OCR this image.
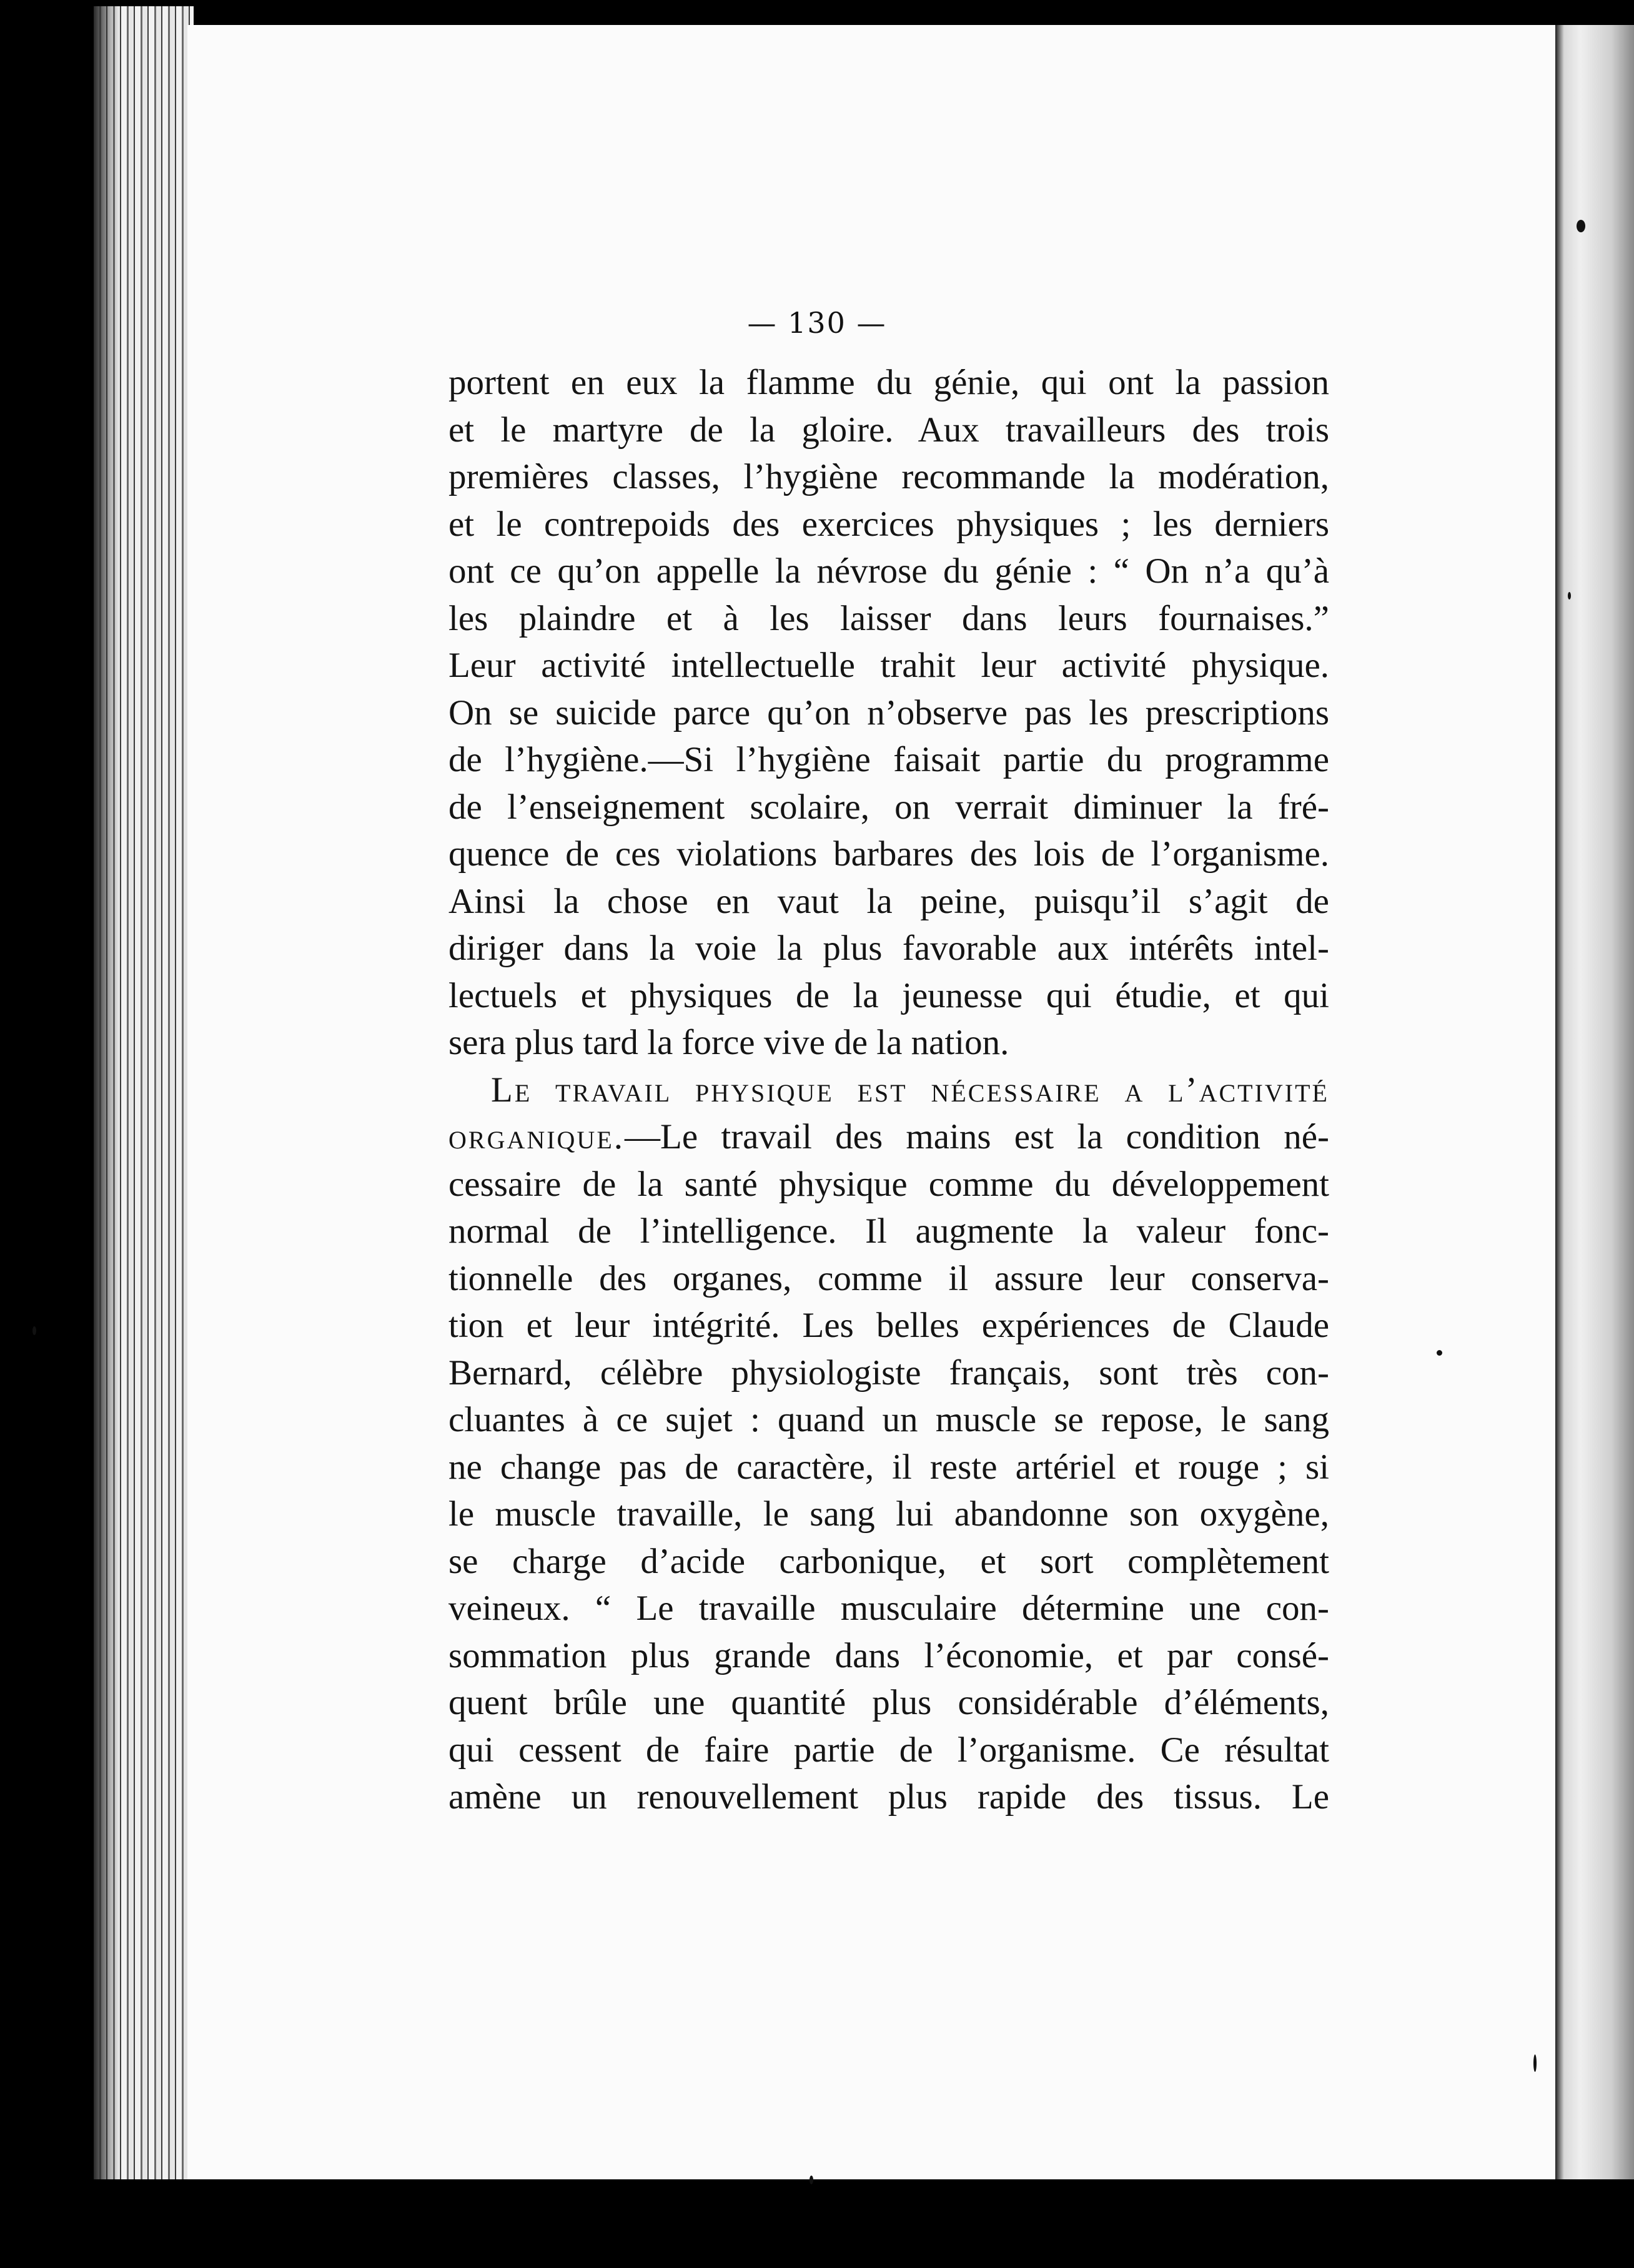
— 130 —

portent en eux la flamme du génie, qui ont la passion
et le martyre de la gloire. Aux travailleurs des trois
premières classes, l’hygiène recommande la modération,
et le contrepoids des exercices physiques ; les derniers
ont ce qu’on appelle la névrose du génie : “ On n’a qu’à
les plaindre et à les laisser dans leurs fournaises.”
Leur activité intellectuelle trahit leur activité physique.
On se suicide parce qu’on n’observe pas les prescriptions
de l’hygiène.—Si l’hygiène faisait partie du programme
de l’enseignement scolaire, on verrait diminuer la fré-
quence de ces violations barbares des lois de l’organisme.
Ainsi la chose en vaut la peine, puisqu’il s’agit de
diriger dans la voie la plus favorable aux intérêts intel-
lectuels et physiques de la jeunesse qui étudie, et qui
sera plus tard la force vive de la nation.
Le travail physique est nécessaire a l’activité
organique.—Le travail des mains est la condition né-
cessaire de la santé physique comme du développement
normal de l’intelligence. Il augmente la valeur fonc-
tionnelle des organes, comme il assure leur conserva-
tion et leur intégrité. Les belles expériences de Claude
Bernard, célèbre physiologiste français, sont très con-
cluantes à ce sujet : quand un muscle se repose, le sang
ne change pas de caractère, il reste artériel et rouge ; si
le muscle travaille, le sang lui abandonne son oxygène,
se charge d’acide carbonique, et sort complètement
veineux. “ Le travaille musculaire détermine une con-
sommation plus grande dans l’économie, et par consé-
quent brûle une quantité plus considérable d’éléments,
qui cessent de faire partie de l’organisme. Ce résultat
amène un renouvellement plus rapide des tissus. Le
